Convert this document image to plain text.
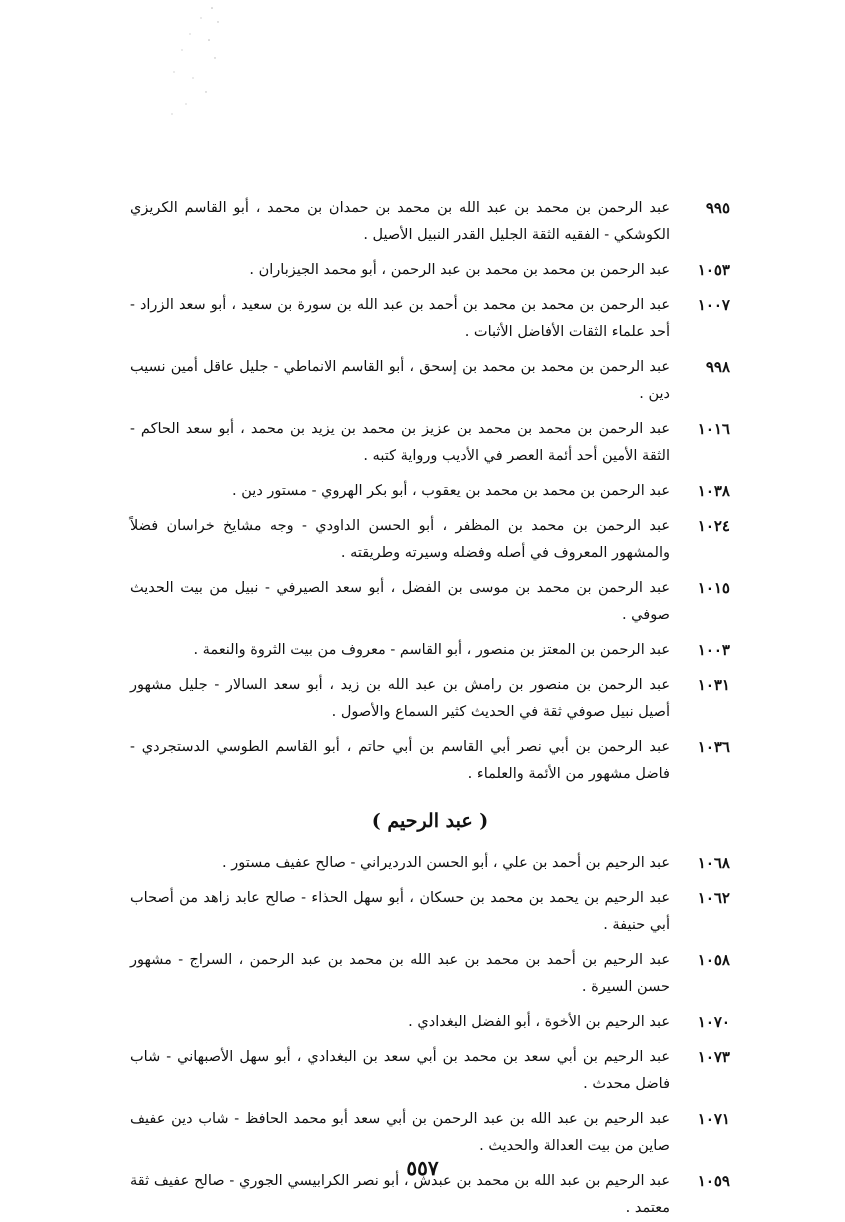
٩٩٥
عبد الرحمن بن محمد بن عبد الله بن محمد بن حمدان بن محمد ، أبو القاسم الكريزي الكوشكي - الفقيه الثقة الجليل القدر النبيل الأصيل .
١٠٥٣
عبد الرحمن بن محمد بن محمد بن عبد الرحمن ، أبو محمد الجيزباران .
١٠٠٧
عبد الرحمن بن محمد بن محمد بن أحمد بن عبد الله بن سورة بن سعيد ، أبو سعد الزراد - أحد علماء الثقات الأفاضل الأثبات .
٩٩٨
عبد الرحمن بن محمد بن محمد بن إسحق ، أبو القاسم الانماطي - جليل عاقل أمين نسيب دين .
١٠١٦
عبد الرحمن بن محمد بن محمد بن عزيز بن محمد بن يزيد بن محمد ، أبو سعد الحاكم - الثقة الأمين أحد أئمة العصر في الأديب ورواية كتبه .
١٠٣٨
عبد الرحمن بن محمد بن محمد بن يعقوب ، أبو بكر الهروي - مستور دين .
١٠٢٤
عبد الرحمن بن محمد بن المظفر ، أبو الحسن الداودي - وجه مشايخ خراسان فضلاً والمشهور المعروف في أصله وفضله وسيرته وطريقته .
١٠١٥
عبد الرحمن بن محمد بن موسى بن الفضل ، أبو سعد الصيرفي - نبيل من بيت الحديث صوفي .
١٠٠٣
عبد الرحمن بن المعتز بن منصور ، أبو القاسم - معروف من بيت الثروة والنعمة .
١٠٣١
عبد الرحمن بن منصور بن رامش بن عبد الله بن زيد ، أبو سعد السالار - جليل مشهور أصيل نبيل صوفي ثقة في الحديث كثير السماع والأصول .
١٠٣٦
عبد الرحمن بن أبي نصر أبي القاسم بن أبي حاتم ، أبو القاسم الطوسي الدستجردي - فاضل مشهور من الأئمة والعلماء .
( عبد الرحيم )
١٠٦٨
عبد الرحيم بن أحمد بن علي ، أبو الحسن الدرديراني - صالح عفيف مستور .
١٠٦٢
عبد الرحيم بن يحمد بن محمد بن حسكان ، أبو سهل الحذاء - صالح عابد زاهد من أصحاب أبي حنيفة .
١٠٥٨
عبد الرحيم بن أحمد بن محمد بن عبد الله بن محمد بن عبد الرحمن ، السراج - مشهور حسن السيرة .
١٠٧٠
عبد الرحيم بن الأخوة ، أبو الفضل البغدادي .
١٠٧٣
عبد الرحيم بن أبي سعد بن محمد بن أبي سعد بن البغدادي ، أبو سهل الأصبهاني - شاب فاضل محدث .
١٠٧١
عبد الرحيم بن عبد الله بن عبد الرحمن بن أبي سعد أبو محمد الحافظ - شاب دين عفيف صاين من بيت العدالة والحديث .
١٠٥٩
عبد الرحيم بن عبد الله بن محمد بن عبدش ، أبو نصر الكرابيسي الجوري - صالح عفيف ثقة معتمد .
٥٥٧
